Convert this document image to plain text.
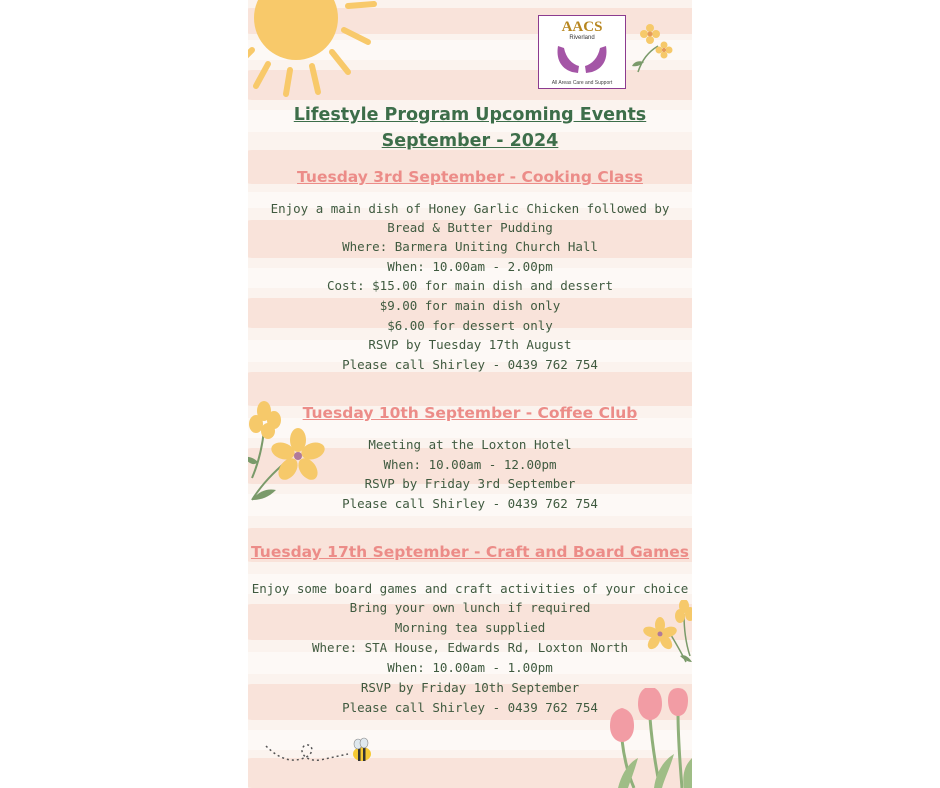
AACS
Riverland
All Areas Care and Support
Lifestyle Program Upcoming Events
September - 2024
Tuesday 3rd September - Cooking Class
Enjoy a main dish of Honey Garlic Chicken followed by
Bread & Butter Pudding
Where: Barmera Uniting Church Hall
When: 10.00am - 2.00pm
Cost: $15.00 for main dish and dessert
$9.00 for main dish only
$6.00 for dessert only
RSVP by Tuesday 17th August
Please call Shirley - 0439 762 754
Tuesday 10th September - Coffee Club
Meeting at the Loxton Hotel
When: 10.00am - 12.00pm
RSVP by Friday 3rd September
Please call Shirley - 0439 762 754
Tuesday 17th September - Craft and Board Games
Enjoy some board games and craft activities of your choice
Bring your own lunch if required
Morning tea supplied
Where: STA House, Edwards Rd, Loxton North
When: 10.00am - 1.00pm
RSVP by Friday 10th September
Please call Shirley - 0439 762 754
